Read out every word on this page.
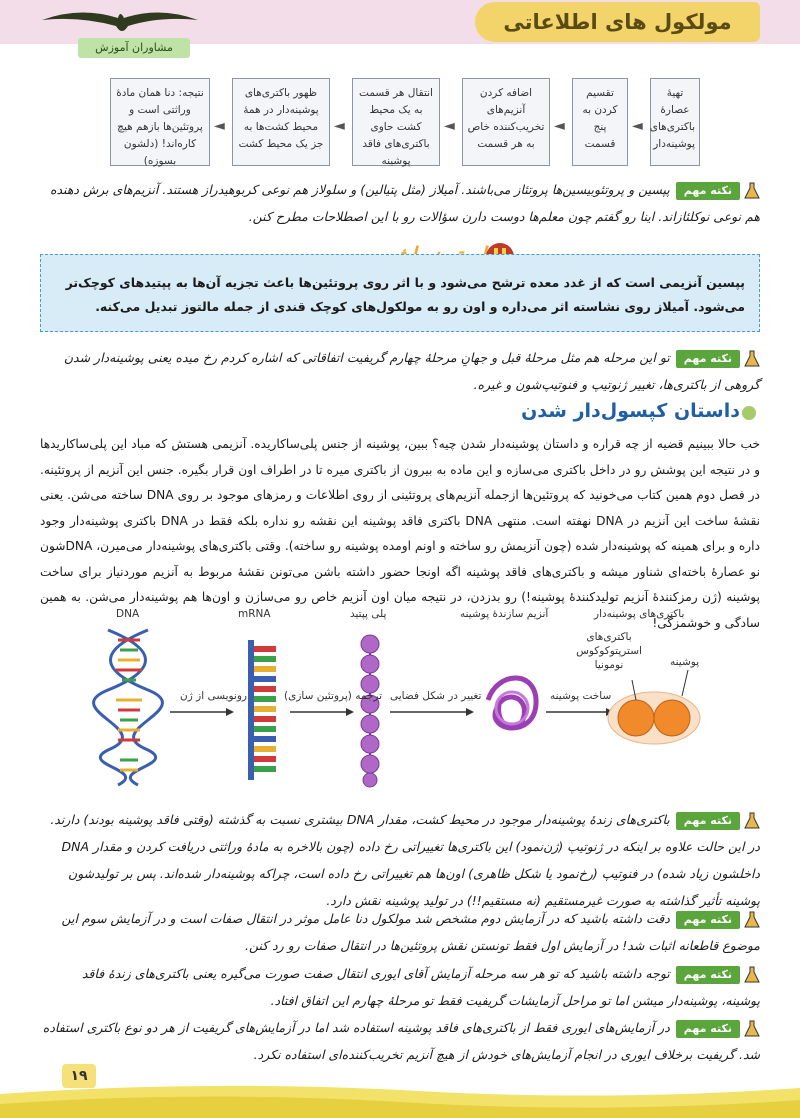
مشاوران آموزش
مولکول های اطلاعاتی
نتیجه: دنا همان مادهٔ وراثتی است و پروتئین‌ها بازهم هیچ کاره‌اند! (دلشون بسوزه)
◄
ظهور باکتری‌های پوشینه‌دار در همهٔ محیط کشت‌ها به جز یک محیط کشت
◄
انتقال هر قسمت به یک محیط کشت حاوی باکتری‌های فاقد پوشینه
◄
اضافه کردن آنزیم‌های تخریب‌کننده خاص به هر قسمت
◄
تقسیم کردن به پنج قسمت
◄
تهیهٔ عصارهٔ باکتری‌های پوشینه‌دار
نکته مهمپپسین و پروتئوبیسین‌ها پروتئاز می‌باشند. آمیلاز (مثل پتیالین) و سلولاز هم نوعی کربوهیدراز هستند. آنزیم‌های برش دهنده هم نوعی نوکلئاز‌اند. اینا رو گفتم چون معلم‌ها دوست دارن سؤالات رو با این اصطلاحات مطرح کنن.
پپسین آنزیمی است که از غدد معده ترشح می‌شود و با اثر روی پروتئین‌ها باعث تجزیه آن‌ها به پپتیدهای کوچک‌تر می‌شود. آمیلاز روی نشاسته اثر می‌داره و اون رو به مولکول‌های کوچک قندی از جمله مالتوز تبدیل می‌کنه.
نکته مهمتو این مرحله هم مثل مرحلهٔ قبل و جهانِ مرحلهٔ چهارم گریفیت اتفاقاتی که اشاره کردم رخ میده یعنی پوشینه‌دار شدن گروهی از باکتری‌ها، تغییر ژنوتیپ و فنوتیپ‌شون و غیره.
داستان کپسول‌دار شدن
خب حالا ببینیم قضیه از چه قراره و داستان پوشینه‌دار شدن چیه؟ ببین، پوشینه از جنس پلی‌ساکارید‌ه. آنزیمی هستش که مباد این پلی‌ساکاریدها و در نتیجه این پوشش رو در داخل باکتری می‌سازه و این ماده به بیرون از باکتری میره تا در اطراف اون قرار بگیره. جنس این آنزیم از پروتئینه. در فصل دوم همین کتاب می‌خونید که پروتئین‌ها ازجمله آنزیم‌های پروتئینی از روی اطلاعات و رمزهای موجود بر روی DNA ساخته می‌شن. یعنی نقشهٔ ساخت این آنزیم در DNA نهفته است. منتهی DNA باکتری فاقد پوشینه این نقشه رو نداره بلکه فقط در DNA باکتری پوشینه‌دار وجود داره و برای همینه که پوشینه‌دار شده (چون آنزیمش رو ساخته و اونم اومده پوشینه رو ساخته). وقتی باکتری‌های پوشینه‌دار می‌میرن، DNAشون نو عصارهٔ باخته‌ای شناور میشه و باکتری‌های فاقد پوشینه اگه اونجا حضور داشته باشن می‌تونن نقشهٔ مربوط به آنزیم موردنیاز برای ساخت پوشینه (ژن رمزکنندهٔ آنزیم تولیدکنندهٔ پوشینه!) رو بدزدن، در نتیجه میان اون آنزیم خاص رو می‌سازن و اون‌ها هم پوشینه‌دار می‌شن. به همین سادگی و خوشمزگی!
DNA	mRNA	پلی پپتید	آنزیم سازندهٔ پوشینه	باکتری‌های پوشینه‌دار
باکتری‌های استرپتوکوکوس نومونیا	پوشینه
رونویسی از ژن	ترجمه (پروتئین سازی) تغییر در شکل فضایی	ساخت پوشینه
نکته مهمباکتری‌های زندهٔ پوشینه‌دار موجود در محیط کشت، مقدار DNA بیشتری نسبت به گذشته (وقتی فاقد پوشینه بودند) دارند. در این حالت علاوه بر اینکه در ژنوتیپ (ژن‌نمود) این باکتری‌ها تغییراتی رخ داده (چون بالاخره به مادهٔ وراثتی دریافت کردن و مقدار DNA داخلشون زیاد شده) در فنوتیپ (رخ‌نمود یا شکل ظاهری) اون‌ها هم تغییراتی رخ داده است، چراکه پوشینه‌دار شده‌اند. پس بر تولیدشون پوشینه تأثیر گذاشته به صورت غیرمستقیم (نه مستقیم!!) در تولید پوشینه نقش دارد.
نکته مهمدقت داشته باشید که در آزمایش دوم مشخص شد مولکول دنا عامل موثر در انتقال صفات است و در آزمایش سوم این موضوع قاطعانه اثبات شد! در آزمایش اول فقط تونستن نقش پروتئین‌ها در انتقال صفات رو رد کنن.
نکته مهمتوجه داشته باشید که تو هر سه مرحله آزمایش آقای ایوری انتقال صفت صورت می‌گیره یعنی باکتری‌های زندهٔ فاقد پوشینه، پوشینه‌دار میشن اما تو مراحل آزمایشات گریفیت فقط تو مرحلهٔ چهارم این اتفاق افتاد.
نکته مهمدر آزمایش‌های ایوری فقط از باکتری‌های فاقد پوشینه استفاده شد اما در آزمایش‌های گریفیت از هر دو نوع باکتری استفاده شد. گریفیت برخلاف ایوری در انجام آزمایش‌های خودش از هیچ آنزیم تخریب‌کننده‌ای استفاده نکرد.
۱۹
